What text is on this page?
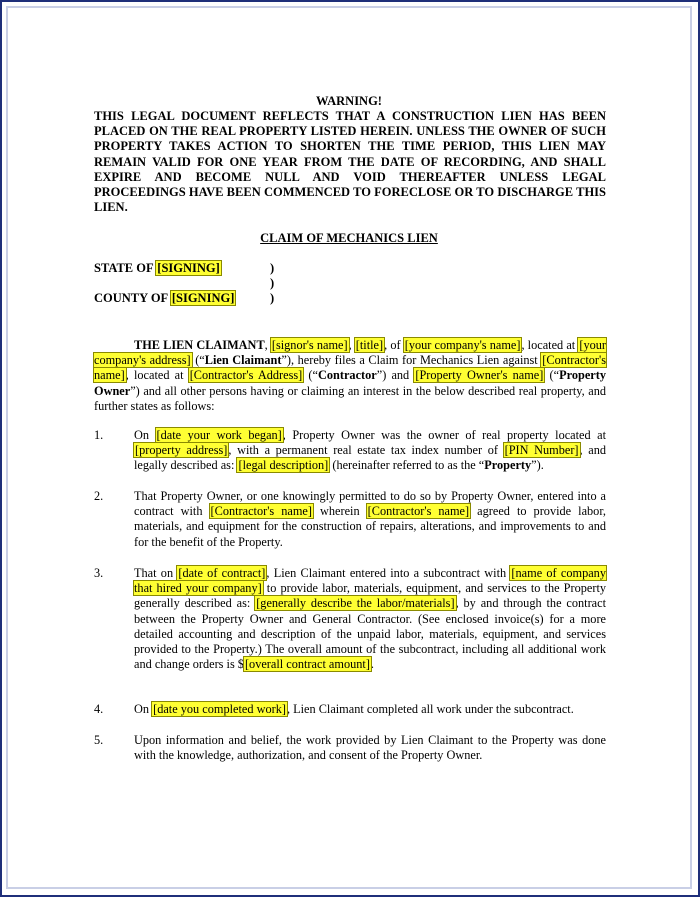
WARNING!
THIS LEGAL DOCUMENT REFLECTS THAT A CONSTRUCTION LIEN HAS BEEN PLACED ON THE REAL PROPERTY LISTED HEREIN. UNLESS THE OWNER OF SUCH PROPERTY TAKES ACTION TO SHORTEN THE TIME PERIOD, THIS LIEN MAY REMAIN VALID FOR ONE YEAR FROM THE DATE OF RECORDING, AND SHALL EXPIRE AND BECOME NULL AND VOID THEREAFTER UNLESS LEGAL PROCEEDINGS HAVE BEEN COMMENCED TO FORECLOSE OR TO DISCHARGE THIS LIEN.
CLAIM OF MECHANICS LIEN
STATE OF [SIGNING]	)
)
COUNTY OF [SIGNING]	)
THE LIEN CLAIMANT, [signor's name], [title], of [your company's name], located at [your company's address] (“Lien Claimant”), hereby files a Claim for Mechanics Lien against [Contractor's name], located at [Contractor's Address] (“Contractor”) and [Property Owner's name] (“Property Owner”) and all other persons having or claiming an interest in the below described real property, and further states as follows:
1.	On [date your work began], Property Owner was the owner of real property located at [property address], with a permanent real estate tax index number of [PIN Number], and legally described as: [legal description] (hereinafter referred to as the “Property”).
2.	That Property Owner, or one knowingly permitted to do so by Property Owner, entered into a contract with [Contractor's name] wherein [Contractor's name] agreed to provide labor, materials, and equipment for the construction of repairs, alterations, and improvements to and for the benefit of the Property.
3.	That on [date of contract], Lien Claimant entered into a subcontract with [name of company that hired your company] to provide labor, materials, equipment, and services to the Property generally described as: [generally describe the labor/materials], by and through the contract between the Property Owner and General Contractor. (See enclosed invoice(s) for a more detailed accounting and description of the unpaid labor, materials, equipment, and services provided to the Property.) The overall amount of the subcontract, including all additional work and change orders is $[overall contract amount].
4.	On [date you completed work], Lien Claimant completed all work under the subcontract.
5.	Upon information and belief, the work provided by Lien Claimant to the Property was done with the knowledge, authorization, and consent of the Property Owner.
